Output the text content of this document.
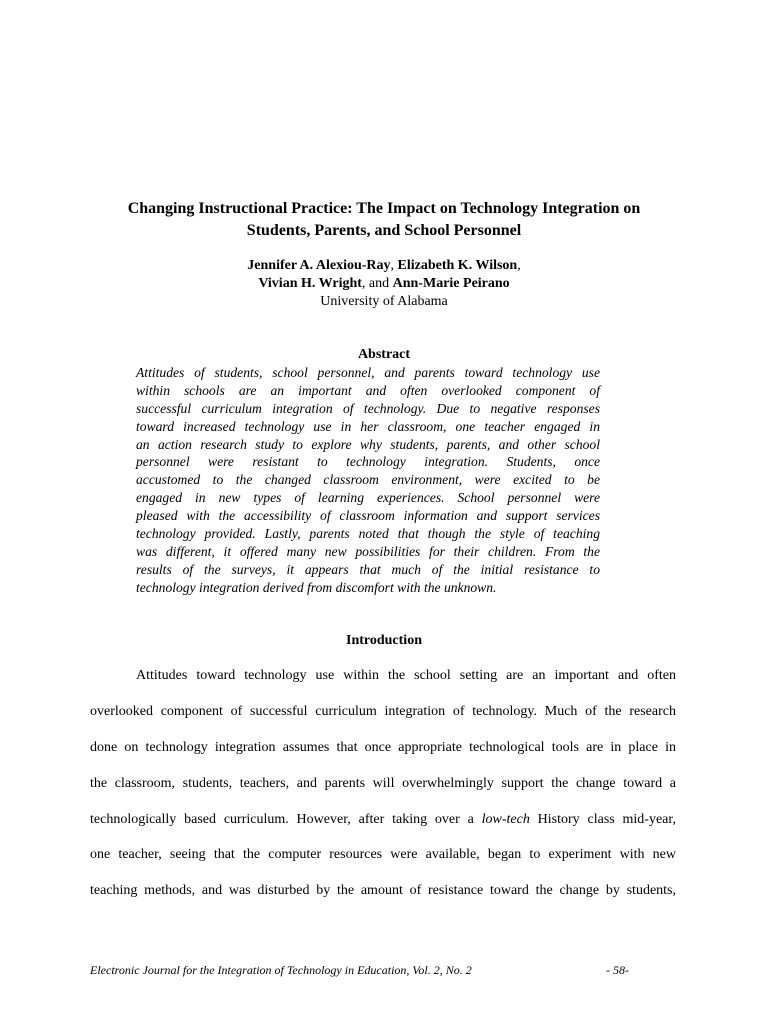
Changing Instructional Practice: The Impact on Technology Integration on
Students, Parents, and School Personnel
Jennifer A. Alexiou-Ray, Elizabeth K. Wilson,
Vivian H. Wright, and Ann-Marie Peirano
University of Alabama
Abstract
Attitudes of students, school personnel, and parents toward technology use
within schools are an important and often overlooked component of
successful curriculum integration of technology. Due to negative responses
toward increased technology use in her classroom, one teacher engaged in
an action research study to explore why students, parents, and other school
personnel were resistant to technology integration. Students, once
accustomed to the changed classroom environment, were excited to be
engaged in new types of learning experiences. School personnel were
pleased with the accessibility of classroom information and support services
technology provided. Lastly, parents noted that though the style of teaching
was different, it offered many new possibilities for their children. From the
results of the surveys, it appears that much of the initial resistance to
technology integration derived from discomfort with the unknown.
Introduction
Attitudes toward technology use within the school setting are an important and often
overlooked component of successful curriculum integration of technology. Much of the research
done on technology integration assumes that once appropriate technological tools are in place in
the classroom, students, teachers, and parents will overwhelmingly support the change toward a
technologically based curriculum. However, after taking over a low-tech History class mid-year,
one teacher, seeing that the computer resources were available, began to experiment with new
teaching methods, and was disturbed by the amount of resistance toward the change by students,
Electronic Journal for the Integration of Technology in Education, Vol. 2, No. 2	- 58-
